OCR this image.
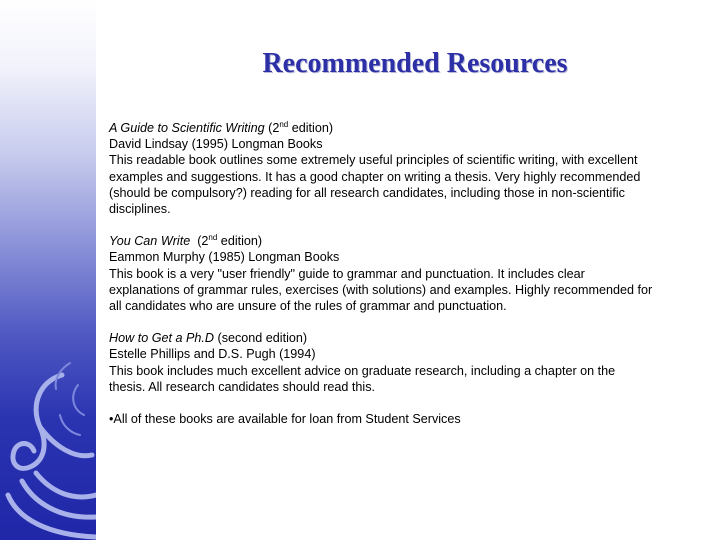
Recommended Resources

A Guide to Scientific Writing (2nd edition)

David Lindsay (1995) Longman Books

This readable book outlines some extremely useful principles of scientific writing, with excellent examples and suggestions. It has a good chapter on writing a thesis. Very highly recommended (should be compulsory?) reading for all research candidates, including those in non-scientific disciplines.

You Can Write (2nd edition)

Eammon Murphy (1985) Longman Books

This book is a very "user friendly" guide to grammar and punctuation. It includes clear explanations of grammar rules, exercises (with solutions) and examples. Highly recommended for all candidates who are unsure of the rules of grammar and punctuation.

How to Get a Ph.D (second edition)

Estelle Phillips and D.S. Pugh (1994)

This book includes much excellent advice on graduate research, including a chapter on the thesis. All research candidates should read this.

•All of these books are available for loan from Student Services
